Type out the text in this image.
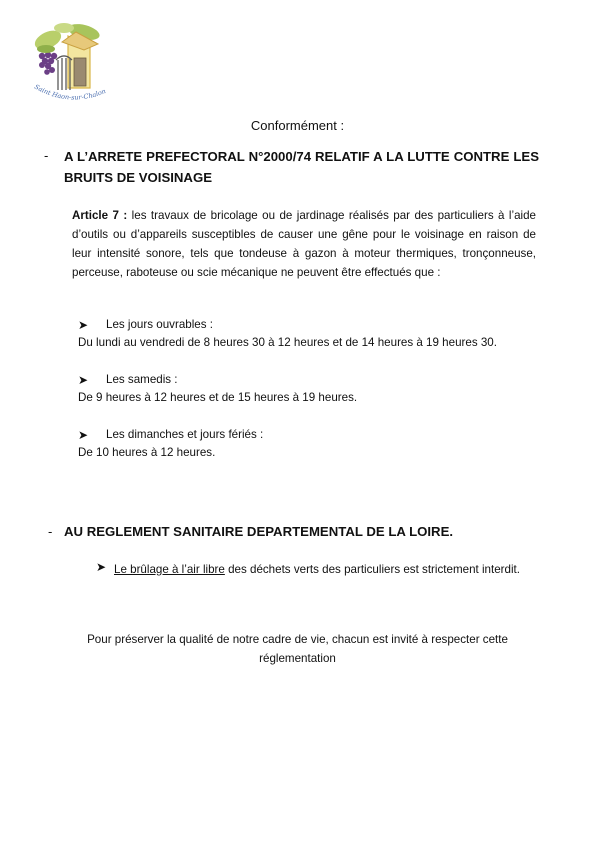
Saint Haon-sur-Chalon
Conformément :
- A L’ARRETE PREFECTORAL N°2000/74 RELATIF A LA LUTTE CONTRE LES
BRUITS DE VOISINAGE
Article 7 : les travaux de bricolage ou de jardinage réalisés par des particuliers à l’aide d’outils ou d’appareils susceptibles de causer une gêne pour le voisinage en raison de leur intensité sonore, tels que tondeuse à gazon à moteur thermiques, tronçonneuse, perceuse, raboteuse ou scie mécanique ne peuvent être effectués que :
➤ Les jours ouvrables :
Du lundi au vendredi de 8 heures 30 à 12 heures et de 14 heures à 19 heures 30.
➤ Les samedis :
De 9 heures à 12 heures et de 15 heures à 19 heures.
➤ Les dimanches et jours fériés :
De 10 heures à 12 heures.
- AU REGLEMENT SANITAIRE DEPARTEMENTAL DE LA LOIRE.
➤ Le brûlage à l’air libre des déchets verts des particuliers est strictement interdit.
Pour préserver la qualité de notre cadre de vie, chacun est invité à respecter cette
réglementation
